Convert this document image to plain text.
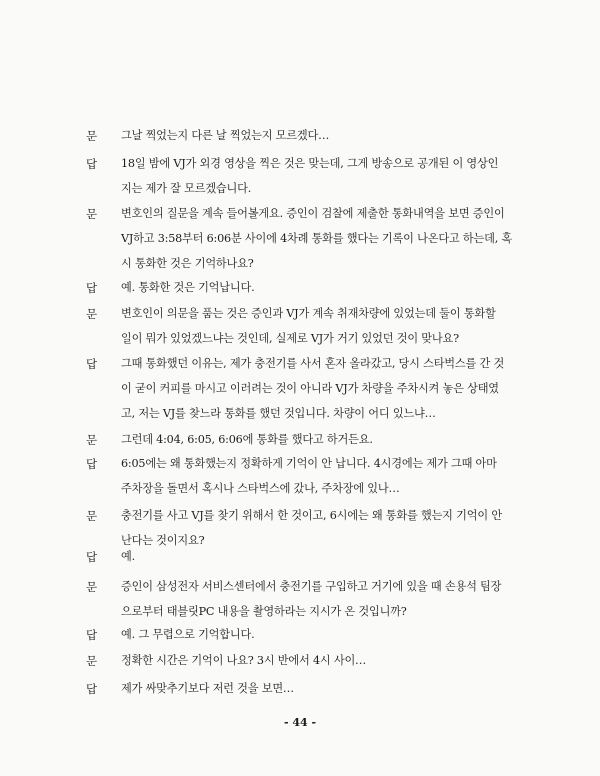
문 그날 찍었는지 다른 날 찍었는지 모르겠다…
답 18일 밤에 VJ가 외경 영상을 찍은 것은 맞는데, 그게 방송으로 공개된 이 영상인
지는 제가 잘 모르겠습니다.
문 변호인의 질문을 계속 들어볼게요. 증인이 검찰에 제출한 통화내역을 보면 증인이
VJ하고 3:58부터 6:06분 사이에 4차례 통화를 했다는 기록이 나온다고 하는데, 혹
시 통화한 것은 기억하나요?
답 예. 통화한 것은 기억납니다.
문 변호인이 의문을 품는 것은 증인과 VJ가 계속 취재차량에 있었는데 둘이 통화할
일이 뭐가 있었겠느냐는 것인데, 실제로 VJ가 거기 있었던 것이 맞나요?
답 그때 통화했던 이유는, 제가 충전기를 사서 혼자 올라갔고, 당시 스타벅스를 간 것
이 굳이 커피를 마시고 이러려는 것이 아니라 VJ가 차량을 주차시켜 놓은 상태였
고, 저는 VJ를 찾느라 통화를 했던 것입니다. 차량이 어디 있느냐…
문 그런데 4:04, 6:05, 6:06에 통화를 했다고 하거든요.
답 6:05에는 왜 통화했는지 정확하게 기억이 안 납니다. 4시경에는 제가 그때 아마
주차장을 돌면서 혹시나 스타벅스에 갔나, 주차장에 있나…
문 충전기를 사고 VJ를 찾기 위해서 한 것이고, 6시에는 왜 통화를 했는지 기억이 안
난다는 것이지요?
답 예.
문 증인이 삼성전자 서비스센터에서 충전기를 구입하고 거기에 있을 때 손용석 팀장
으로부터 태블릿PC 내용을 촬영하라는 지시가 온 것입니까?
답 예. 그 무렵으로 기억합니다.
문 정확한 시간은 기억이 나요? 3시 반에서 4시 사이…
답 제가 싸맞추기보다 저런 것을 보면…
- 44 -
